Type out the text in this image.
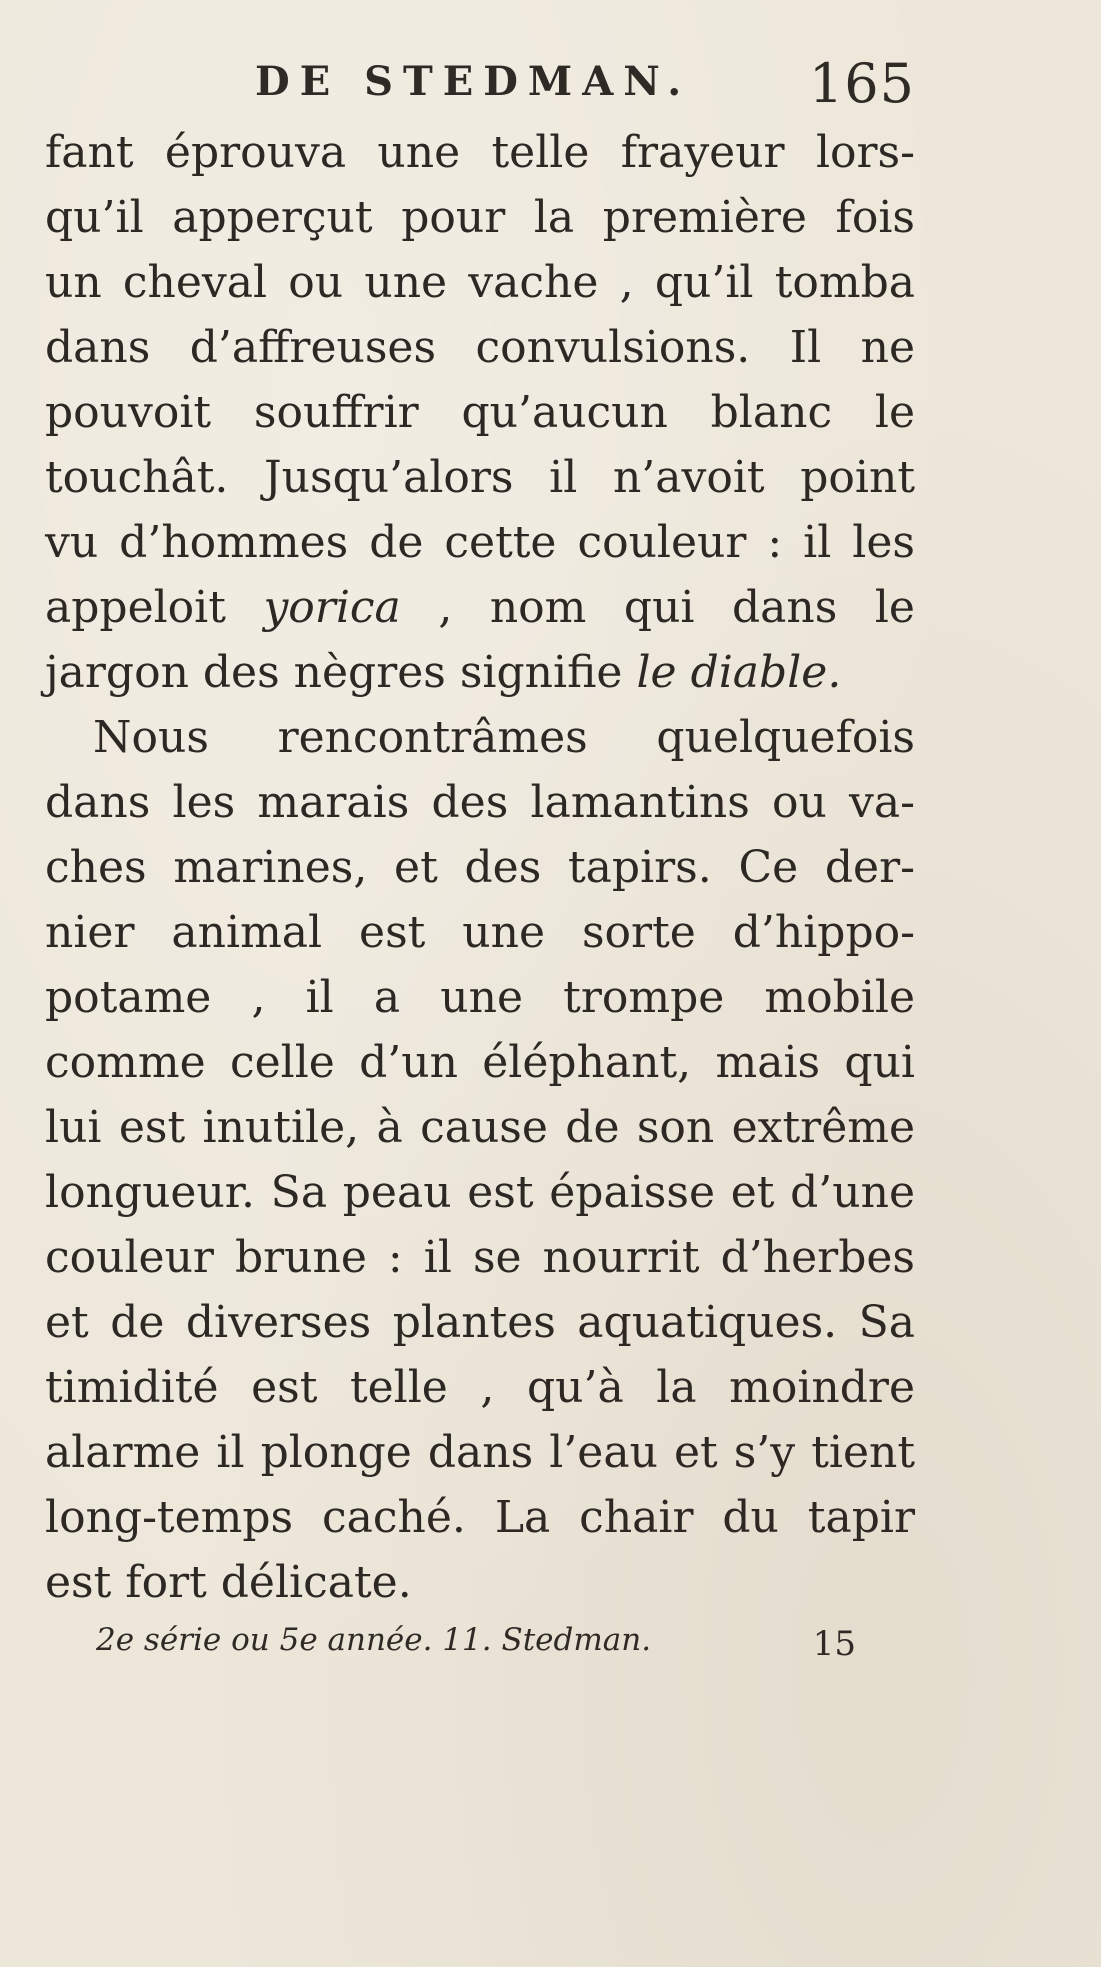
DE STEDMAN. 165
fant éprouva une telle frayeur lors-
qu’il apperçut pour la première fois
un cheval ou une vache , qu’il tomba
dans d’affreuses convulsions. Il ne
pouvoit souffrir qu’aucun blanc le
touchât. Jusqu’alors il n’avoit point
vu d’hommes de cette couleur : il les
appeloit yorica , nom qui dans le
jargon des nègres signifie le diable.
Nous rencontrâmes quelquefois
dans les marais des lamantins ou va-
ches marines, et des tapirs. Ce der-
nier animal est une sorte d’hippo-
potame , il a une trompe mobile
comme celle d’un éléphant, mais qui
lui est inutile, à cause de son extrême
longueur. Sa peau est épaisse et d’une
couleur brune : il se nourrit d’herbes
et de diverses plantes aquatiques. Sa
timidité est telle , qu’à la moindre
alarme il plonge dans l’eau et s’y tient
long-temps caché. La chair du tapir
est fort délicate.
2e série ou 5e année. 11. Stedman.	15
